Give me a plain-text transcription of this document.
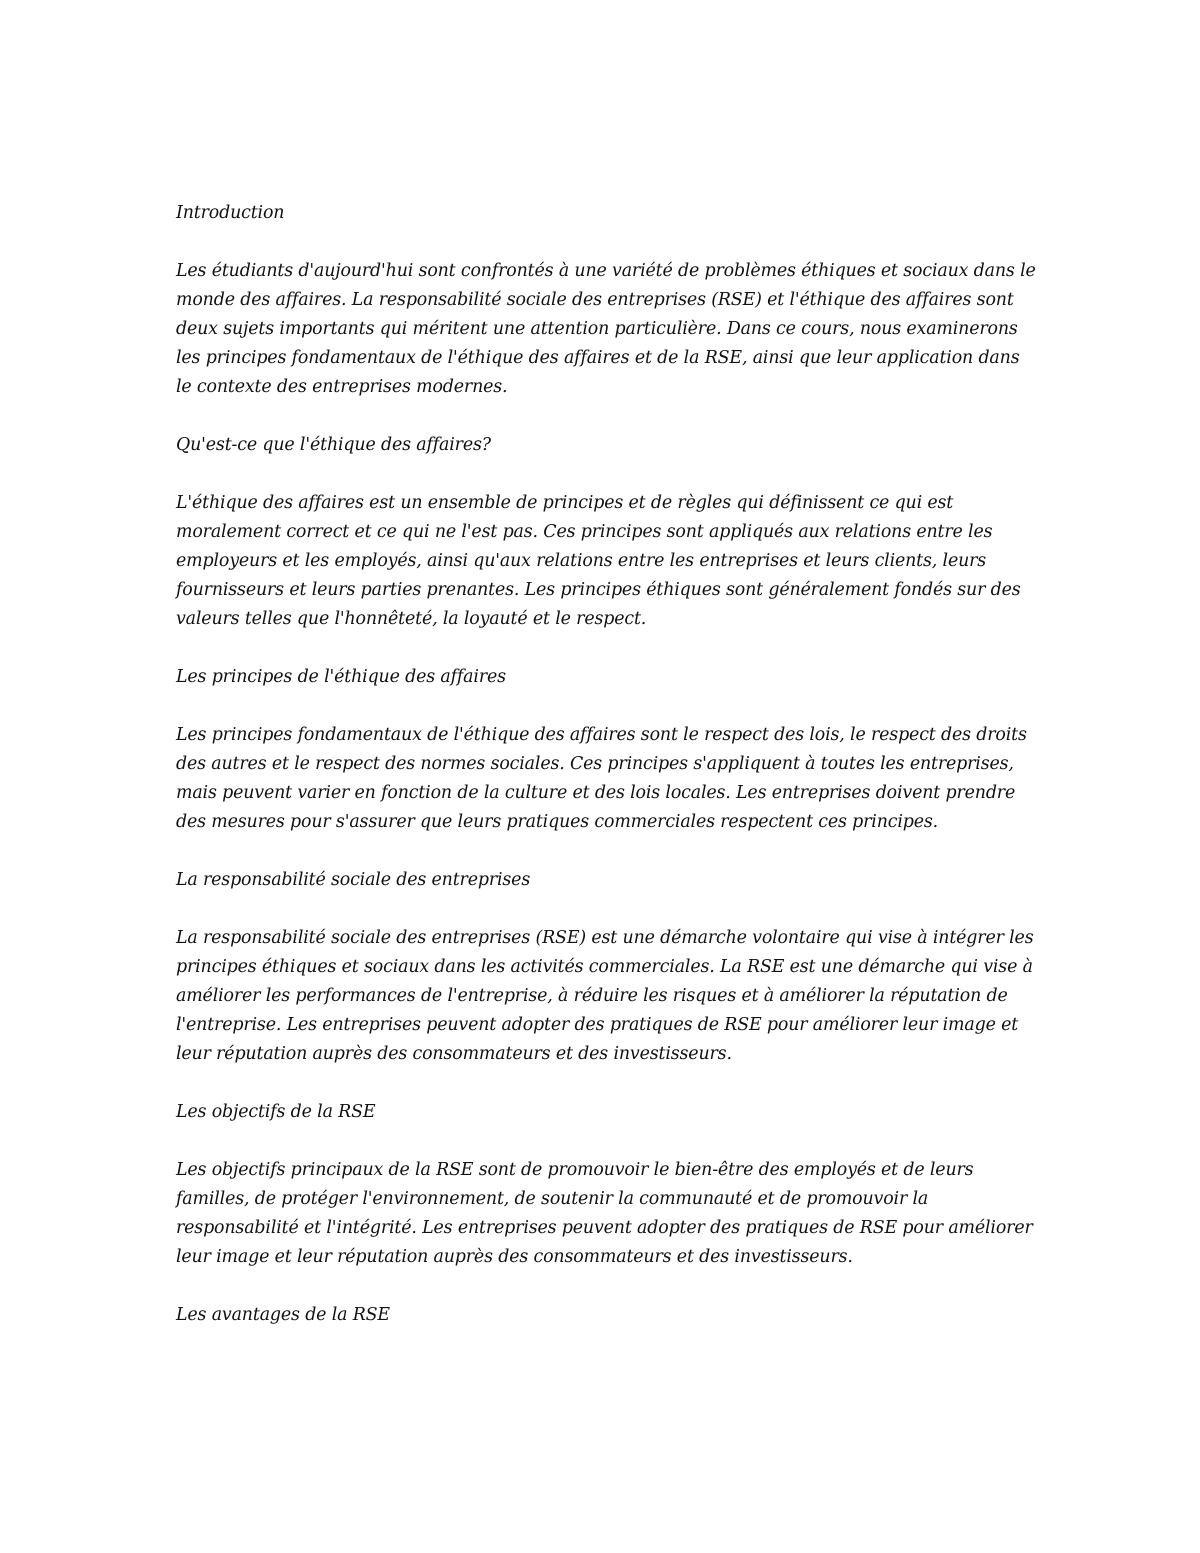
Introduction

Les étudiants d'aujourd'hui sont confrontés à une variété de problèmes éthiques et sociaux dans le monde des affaires. La responsabilité sociale des entreprises (RSE) et l'éthique des affaires sont deux sujets importants qui méritent une attention particulière. Dans ce cours, nous examinerons les principes fondamentaux de l'éthique des affaires et de la RSE, ainsi que leur application dans le contexte des entreprises modernes.

Qu'est-ce que l'éthique des affaires?

L'éthique des affaires est un ensemble de principes et de règles qui définissent ce qui est moralement correct et ce qui ne l'est pas. Ces principes sont appliqués aux relations entre les employeurs et les employés, ainsi qu'aux relations entre les entreprises et leurs clients, leurs fournisseurs et leurs parties prenantes. Les principes éthiques sont généralement fondés sur des valeurs telles que l'honnêteté, la loyauté et le respect.

Les principes de l'éthique des affaires

Les principes fondamentaux de l'éthique des affaires sont le respect des lois, le respect des droits des autres et le respect des normes sociales. Ces principes s'appliquent à toutes les entreprises, mais peuvent varier en fonction de la culture et des lois locales. Les entreprises doivent prendre des mesures pour s'assurer que leurs pratiques commerciales respectent ces principes.

La responsabilité sociale des entreprises

La responsabilité sociale des entreprises (RSE) est une démarche volontaire qui vise à intégrer les principes éthiques et sociaux dans les activités commerciales. La RSE est une démarche qui vise à améliorer les performances de l'entreprise, à réduire les risques et à améliorer la réputation de l'entreprise. Les entreprises peuvent adopter des pratiques de RSE pour améliorer leur image et leur réputation auprès des consommateurs et des investisseurs.

Les objectifs de la RSE

Les objectifs principaux de la RSE sont de promouvoir le bien-être des employés et de leurs familles, de protéger l'environnement, de soutenir la communauté et de promouvoir la responsabilité et l'intégrité. Les entreprises peuvent adopter des pratiques de RSE pour améliorer leur image et leur réputation auprès des consommateurs et des investisseurs.

Les avantages de la RSE
